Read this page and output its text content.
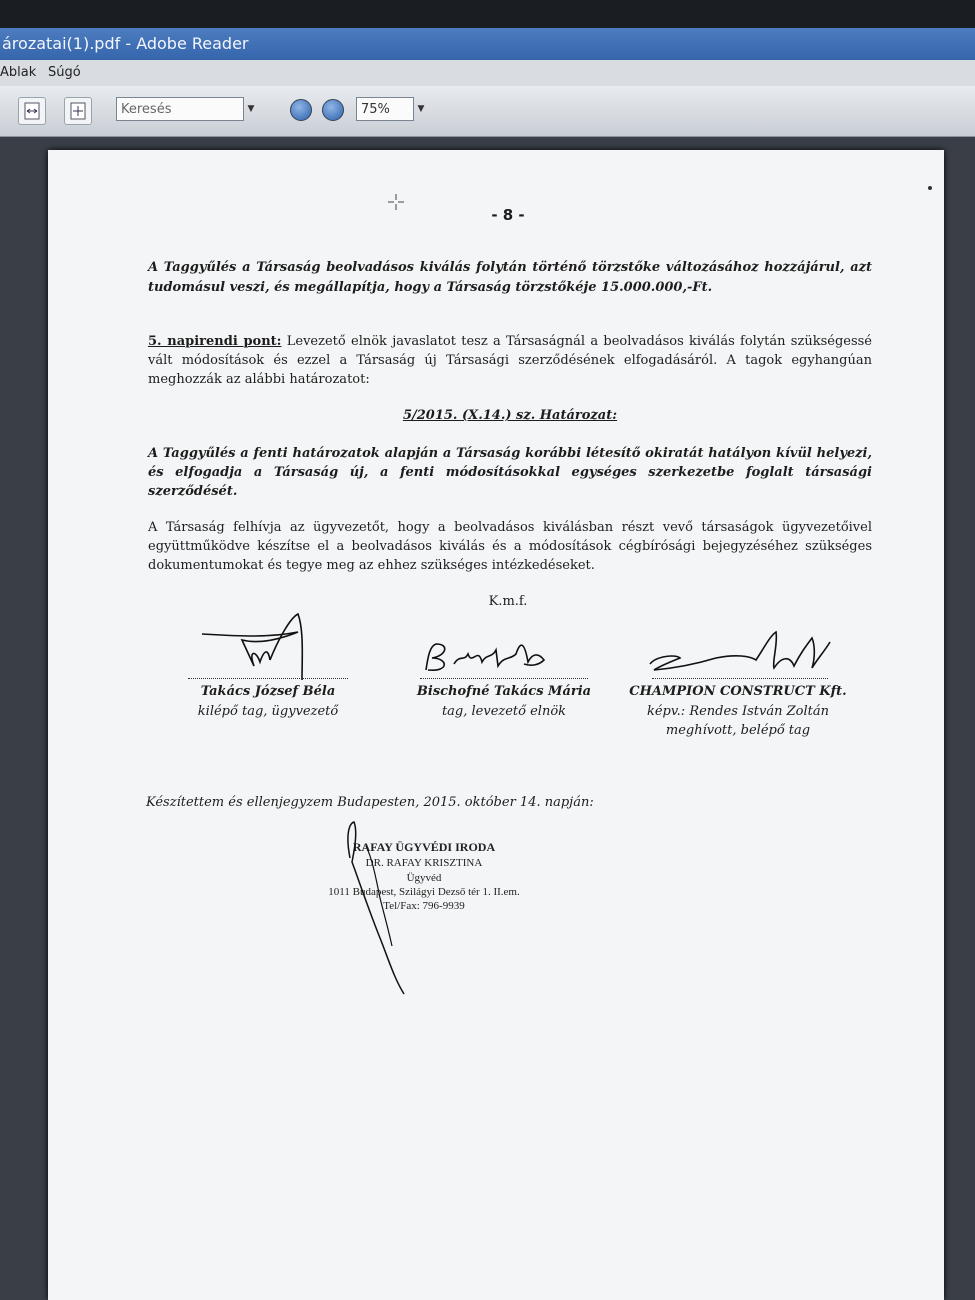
ározatai(1).pdf - Adobe Reader
Ablak Súgó
Keresés	▼	75%	▼
- 8 -
A Taggyűlés a Társaság beolvadásos kiválás folytán történő törzstőke változásához hozzájárul, azt tudomásul veszi, és megállapítja, hogy a Társaság törzstőkéje 15.000.000,-Ft.
5. napirendi pont: Levezető elnök javaslatot tesz a Társaságnál a beolvadásos kiválás folytán szükségessé vált módosítások és ezzel a Társaság új Társasági szerződésének elfogadásáról. A tagok egyhangúan meghozzák az alábbi határozatot:
5/2015. (X.14.) sz. Határozat:
A Taggyűlés a fenti határozatok alapján a Társaság korábbi létesítő okiratát hatályon kívül helyezi, és elfogadja a Társaság új, a fenti módosításokkal egységes szerkezetbe foglalt társasági szerződését.
A Társaság felhívja az ügyvezetőt, hogy a beolvadásos kiválásban részt vevő társaságok ügyvezetőivel együttműködve készítse el a beolvadásos kiválás és a módosítások cégbírósági bejegyzéséhez szükséges dokumentumokat és tegye meg az ehhez szükséges intézkedéseket.
K.m.f.
Takács József Béla
kilépő tag, ügyvezető
Bischofné Takács Mária
tag, levezető elnök
CHAMPION CONSTRUCT Kft.
képv.: Rendes István Zoltán
meghívott, belépő tag
Készítettem és ellenjegyzem Budapesten, 2015. október 14. napján:
RAFAY ÜGYVÉDI IRODA
DR. RAFAY KRISZTINA
Ügyvéd
1011 Budapest, Szilágyi Dezső tér 1. II.em.
Tel/Fax: 796-9939
